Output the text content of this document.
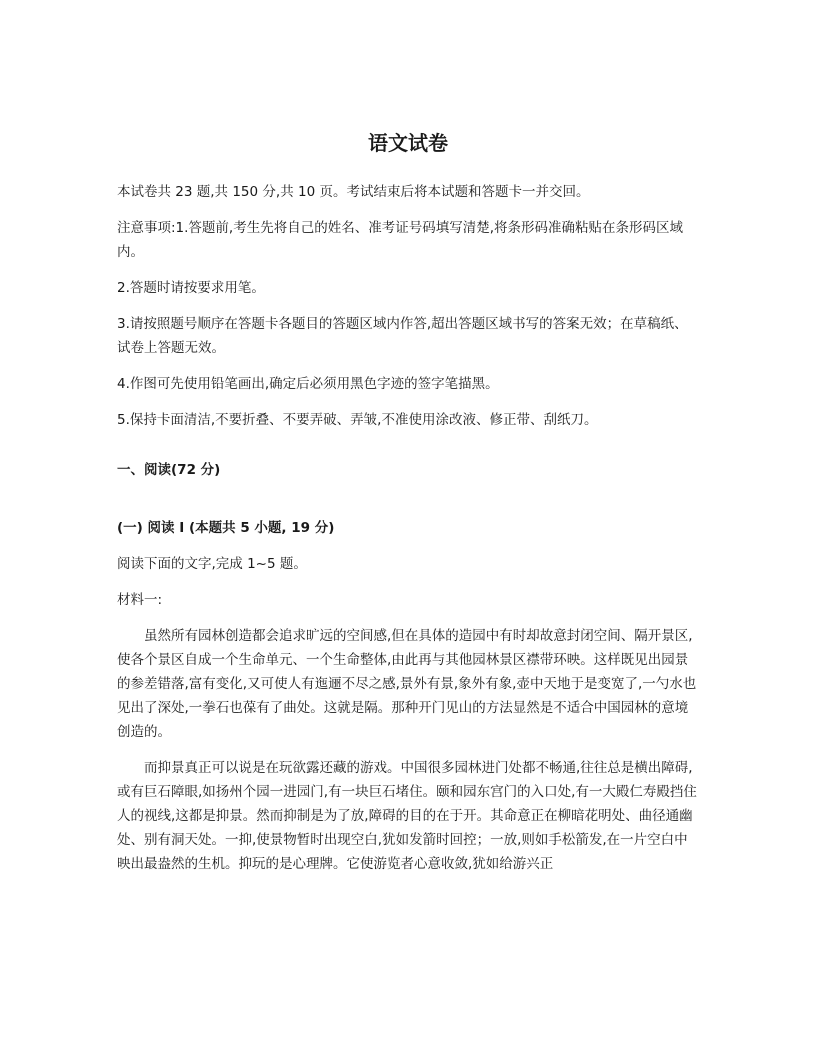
语文试卷

本试卷共 23 题,共 150 分,共 10 页。考试结束后将本试题和答题卡一并交回。

注意事项:1.答题前,考生先将自己的姓名、准考证号码填写清楚,将条形码准确粘贴在条形码区域内。

2.答题时请按要求用笔。

3.请按照题号顺序在答题卡各题目的答题区域内作答,超出答题区域书写的答案无效；在草稿纸、试卷上答题无效。

4.作图可先使用铅笔画出,确定后必须用黑色字迹的签字笔描黑。

5.保持卡面清洁,不要折叠、不要弄破、弄皱,不准使用涂改液、修正带、刮纸刀。

一、阅读(72 分)

(一) 阅读 I (本题共 5 小题, 19 分)

阅读下面的文字,完成 1~5 题。

材料一:

虽然所有园林创造都会追求旷远的空间感,但在具体的造园中有时却故意封闭空间、隔开景区,使各个景区自成一个生命单元、一个生命整体,由此再与其他园林景区襟带环映。这样既见出园景的参差错落,富有变化,又可使人有迤逦不尽之感,景外有景,象外有象,壶中天地于是变宽了,一勺水也见出了深处,一拳石也葆有了曲处。这就是隔。那种开门见山的方法显然是不适合中国园林的意境创造的。

而抑景真正可以说是在玩欲露还藏的游戏。中国很多园林进门处都不畅通,往往总是横出障碍,或有巨石障眼,如扬州个园一进园门,有一块巨石堵住。颐和园东宫门的入口处,有一大殿仁寿殿挡住人的视线,这都是抑景。然而抑制是为了放,障碍的目的在于开。其命意正在柳暗花明处、曲径通幽处、别有洞天处。一抑,使景物暂时出现空白,犹如发箭时回控；一放,则如手松箭发,在一片空白中映出最盎然的生机。抑玩的是心理牌。它使游览者心意收敛,犹如给游兴正
